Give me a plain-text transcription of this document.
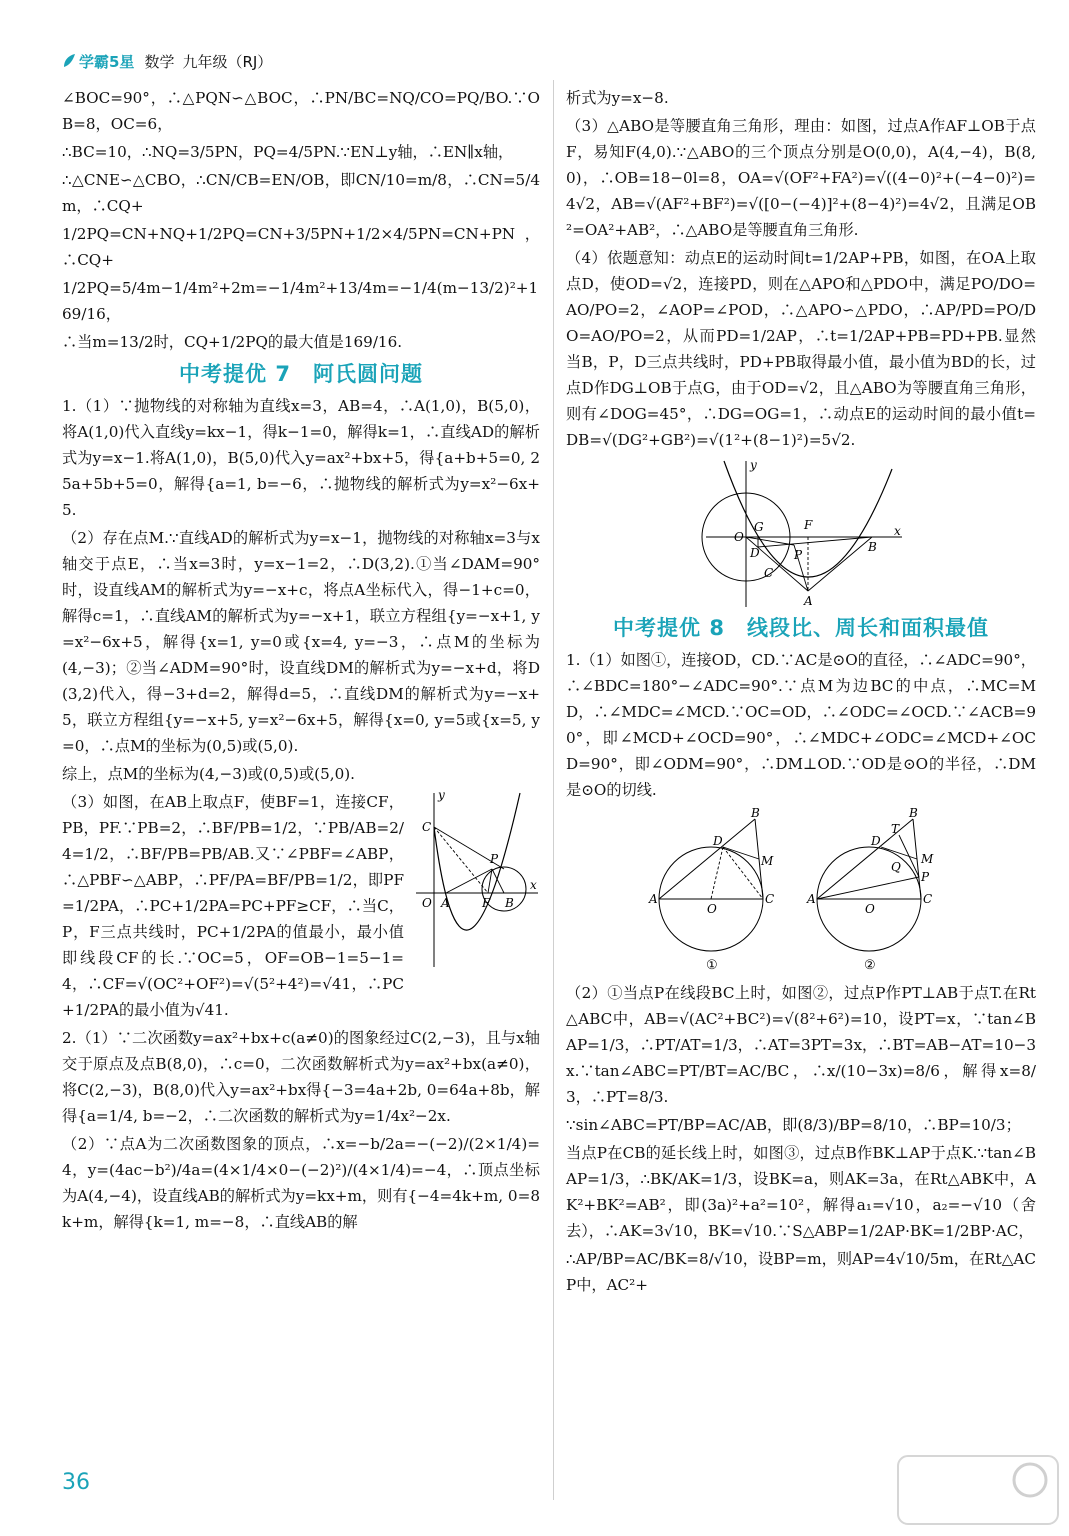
学霸5星 数学 九年级（RJ）

∠BOC=90°，∴△PQN∽△BOC，∴PN/BC=NQ/CO=PQ/BO.∵OB=8，OC=6，

∴BC=10，∴NQ=3/5PN，PQ=4/5PN.∵EN⊥y轴，∴EN∥x轴，

∴△CNE∽△CBO，∴CN/CB=EN/OB，即CN/10=m/8，∴CN=5/4m，∴CQ+

1/2PQ=CN+NQ+1/2PQ=CN+3/5PN+1/2×4/5PN=CN+PN，∴CQ+

1/2PQ=5/4m−1/4m²+2m=−1/4m²+13/4m=−1/4(m−13/2)²+169/16，

∴当m=13/2时，CQ+1/2PQ的最大值是169/16.

中考提优 7　阿氏圆问题

1.（1）∵抛物线的对称轴为直线x=3，AB=4，∴A(1,0)，B(5,0)，将A(1,0)代入直线y=kx−1，得k−1=0，解得k=1，∴直线AD的解析式为y=x−1.将A(1,0)，B(5,0)代入y=ax²+bx+5，得{a+b+5=0, 25a+5b+5=0，解得{a=1, b=−6，∴抛物线的解析式为y=x²−6x+5.

（2）存在点M.∵直线AD的解析式为y=x−1，抛物线的对称轴x=3与x轴交于点E，∴当x=3时，y=x−1=2，∴D(3,2).①当∠DAM=90°时，设直线AM的解析式为y=−x+c，将点A坐标代入，得−1+c=0，解得c=1，∴直线AM的解析式为y=−x+1，联立方程组{y=−x+1, y=x²−6x+5，解得{x=1, y=0或{x=4, y=−3，∴点M的坐标为(4,−3)；②当∠ADM=90°时，设直线DM的解析式为y=−x+d，将D(3,2)代入，得−3+d=2，解得d=5，∴直线DM的解析式为y=−x+5，联立方程组{y=−x+5, y=x²−6x+5，解得{x=0, y=5或{x=5, y=0，∴点M的坐标为(0,5)或(5,0).

综上，点M的坐标为(4,−3)或(0,5)或(5,0).

y
x
C
P
O A	F B

（3）如图，在AB上取点F，使BF=1，连接CF，PB，PF.∵PB=2，∴BF/PB=1/2，∵PB/AB=2/4=1/2，∴BF/PB=PB/AB.又∵∠PBF=∠ABP，∴△PBF∽△ABP，∴PF/PA=BF/PB=1/2，即PF=1/2PA，∴PC+1/2PA=PC+PF≥CF，∴当C，P，F三点共线时，PC+1/2PA的值最小，最小值即线段CF的长.∵OC=5，OF=OB−1=5−1=4，∴CF=√(OC²+OF²)=√(5²+4²)=√41，∴PC+1/2PA的最小值为√41.

2.（1）∵二次函数y=ax²+bx+c(a≠0)的图象经过C(2,−3)，且与x轴交于原点及点B(8,0)，∴c=0，二次函数解析式为y=ax²+bx(a≠0)，将C(2,−3)，B(8,0)代入y=ax²+bx得{−3=4a+2b, 0=64a+8b，解得{a=1/4, b=−2，∴二次函数的解析式为y=1/4x²−2x.

（2）∵点A为二次函数图象的顶点，∴x=−b/2a=−(−2)/(2×1/4)=4，y=(4ac−b²)/4a=(4×1/4×0−(−2)²)/(4×1/4)=−4，∴顶点坐标为A(4,−4)，设直线AB的解析式为y=kx+m，则有{−4=4k+m, 0=8k+m，解得{k=1, m=−8，∴直线AB的解

析式为y=x−8.

（3）△ABO是等腰直角三角形，理由：如图，过点A作AF⊥OB于点F，易知F(4,0).∵△ABO的三个顶点分别是O(0,0)，A(4,−4)，B(8,0)，∴OB=18−0l=8，OA=√(OF²+FA²)=√((4−0)²+(−4−0)²)=4√2，AB=√(AF²+BF²)=√([0−(−4)]²+(8−4)²)=4√2，且满足OB²=OA²+AB²，∴△ABO是等腰直角三角形.

（4）依题意知：动点E的运动时间t=1/2AP+PB，如图，在OA上取点D，使OD=√2，连接PD，则在△APO和△PDO中，满足PO/DO=AO/PO=2，∠AOP=∠POD，∴△APO∽△PDO，∴AP/PD=PO/DO=AO/PO=2，从而PD=1/2AP，∴t=1/2AP+PB=PD+PB.显然当B，P，D三点共线时，PD+PB取得最小值，最小值为BD的长，过点D作DG⊥OB于点G，由于OD=√2，且△ABO为等腰直角三角形，则有∠DOG=45°，∴DG=OG=1，∴动点E的运动时间的最小值t=DB=√(DG²+GB²)=√(1²+(8−1)²)=5√2.

y
x
O
G	F
B
D	P
C
A
中考提优 8　线段比、周长和面积最值

1.（1）如图①，连接OD，CD.∵AC是⊙O的直径，∴∠ADC=90°，∴∠BDC=180°−∠ADC=90°.∵点M为边BC的中点，∴MC=MD，∴∠MDC=∠MCD.∵OC=OD，∴∠ODC=∠OCD.∵∠ACB=90°，即∠MCD+∠OCD=90°，∴∠MDC+∠ODC=∠MCD+∠OCD=90°，即∠ODM=90°，∴DM⊥OD.∵OD是⊙O的半径，∴DM是⊙O的切线.

B
D
M
A
O
C
①
B
T
D
Q
M
P
A
O
C
②

（2）①当点P在线段BC上时，如图②，过点P作PT⊥AB于点T.在Rt△ABC中，AB=√(AC²+BC²)=√(8²+6²)=10，设PT=x，∵tan∠BAP=1/3，∴PT/AT=1/3，∴AT=3PT=3x，∴BT=AB−AT=10−3x.∵tan∠ABC=PT/BT=AC/BC，∴x/(10−3x)=8/6，解得x=8/3，∴PT=8/3.

∵sin∠ABC=PT/BP=AC/AB，即(8/3)/BP=8/10，∴BP=10/3；

当点P在CB的延长线上时，如图③，过点B作BK⊥AP于点K.∵tan∠BAP=1/3，∴BK/AK=1/3，设BK=a，则AK=3a，在Rt△ABK中，AK²+BK²=AB²，即(3a)²+a²=10²，解得a₁=√10，a₂=−√10（舍去），∴AK=3√10，BK=√10.∵S△ABP=1/2AP·BK=1/2BP·AC，

∴AP/BP=AC/BK=8/√10，设BP=m，则AP=4√10/5m，在Rt△ACP中，AC²+

36
